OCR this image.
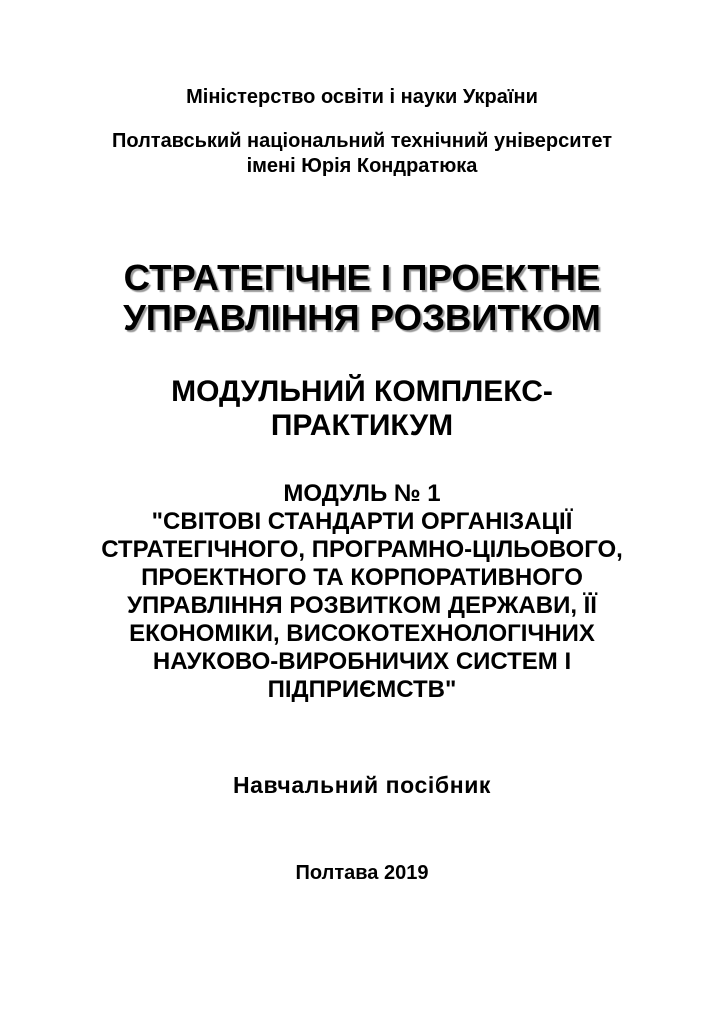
Міністерство освіти і науки України
Полтавський національний технічний університет
імені Юрія Кондратюка
СТРАТЕГІЧНЕ І ПРОЕКТНЕ
УПРАВЛІННЯ РОЗВИТКОМ
МОДУЛЬНИЙ КОМПЛЕКС-
ПРАКТИКУМ
МОДУЛЬ № 1
"СВІТОВІ СТАНДАРТИ ОРГАНІЗАЦІЇ
СТРАТЕГІЧНОГО, ПРОГРАМНО-ЦІЛЬОВОГО,
ПРОЕКТНОГО ТА КОРПОРАТИВНОГО
УПРАВЛІННЯ РОЗВИТКОМ ДЕРЖАВИ, ЇЇ
ЕКОНОМІКИ, ВИСОКОТЕХНОЛОГІЧНИХ
НАУКОВО-ВИРОБНИЧИХ СИСТЕМ І
ПІДПРИЄМСТВ"
Навчальний посібник
Полтава 2019
